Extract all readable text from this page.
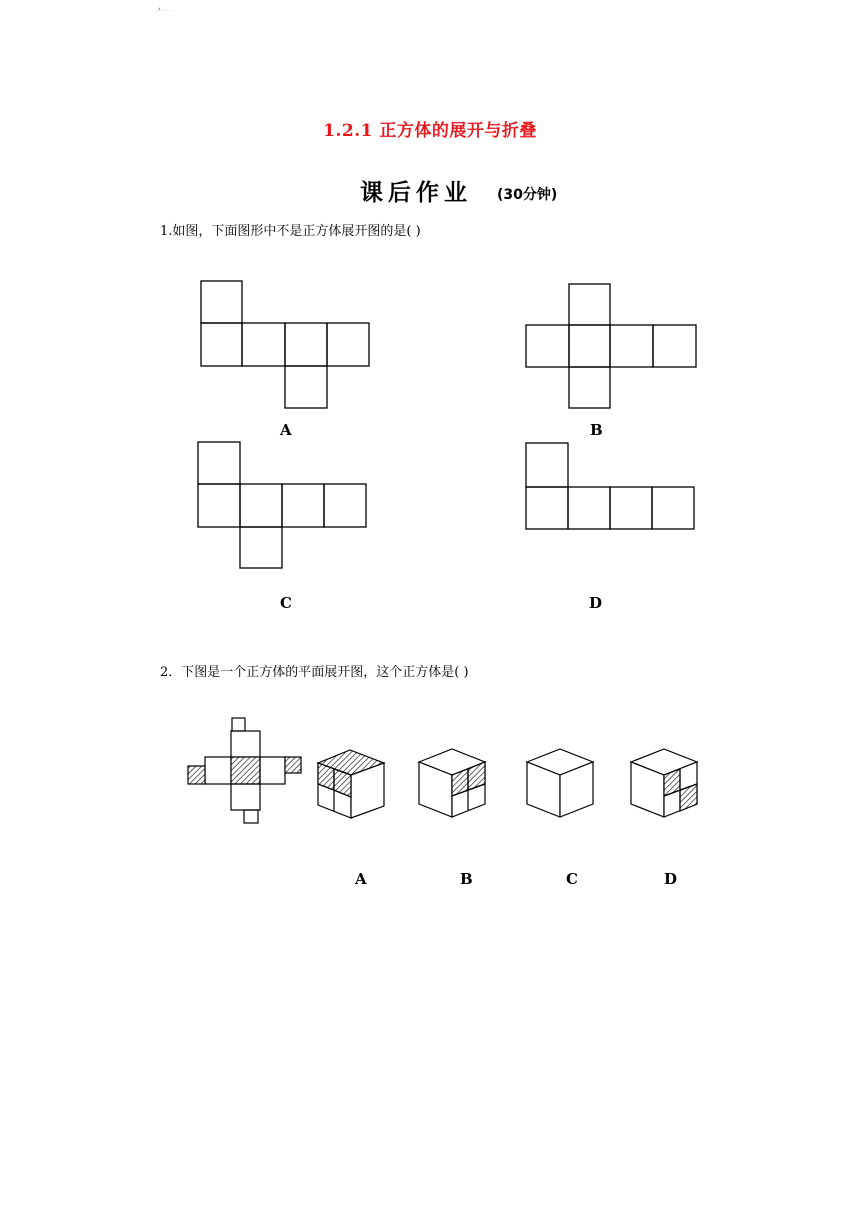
1.2.1 正方体的展开与折叠
课后作业 (30分钟)
1.如图，下面图形中不是正方体展开图的是( )
A	B
C	D
2．下图是一个正方体的平面展开图，这个正方体是( )
A	B	C	D
